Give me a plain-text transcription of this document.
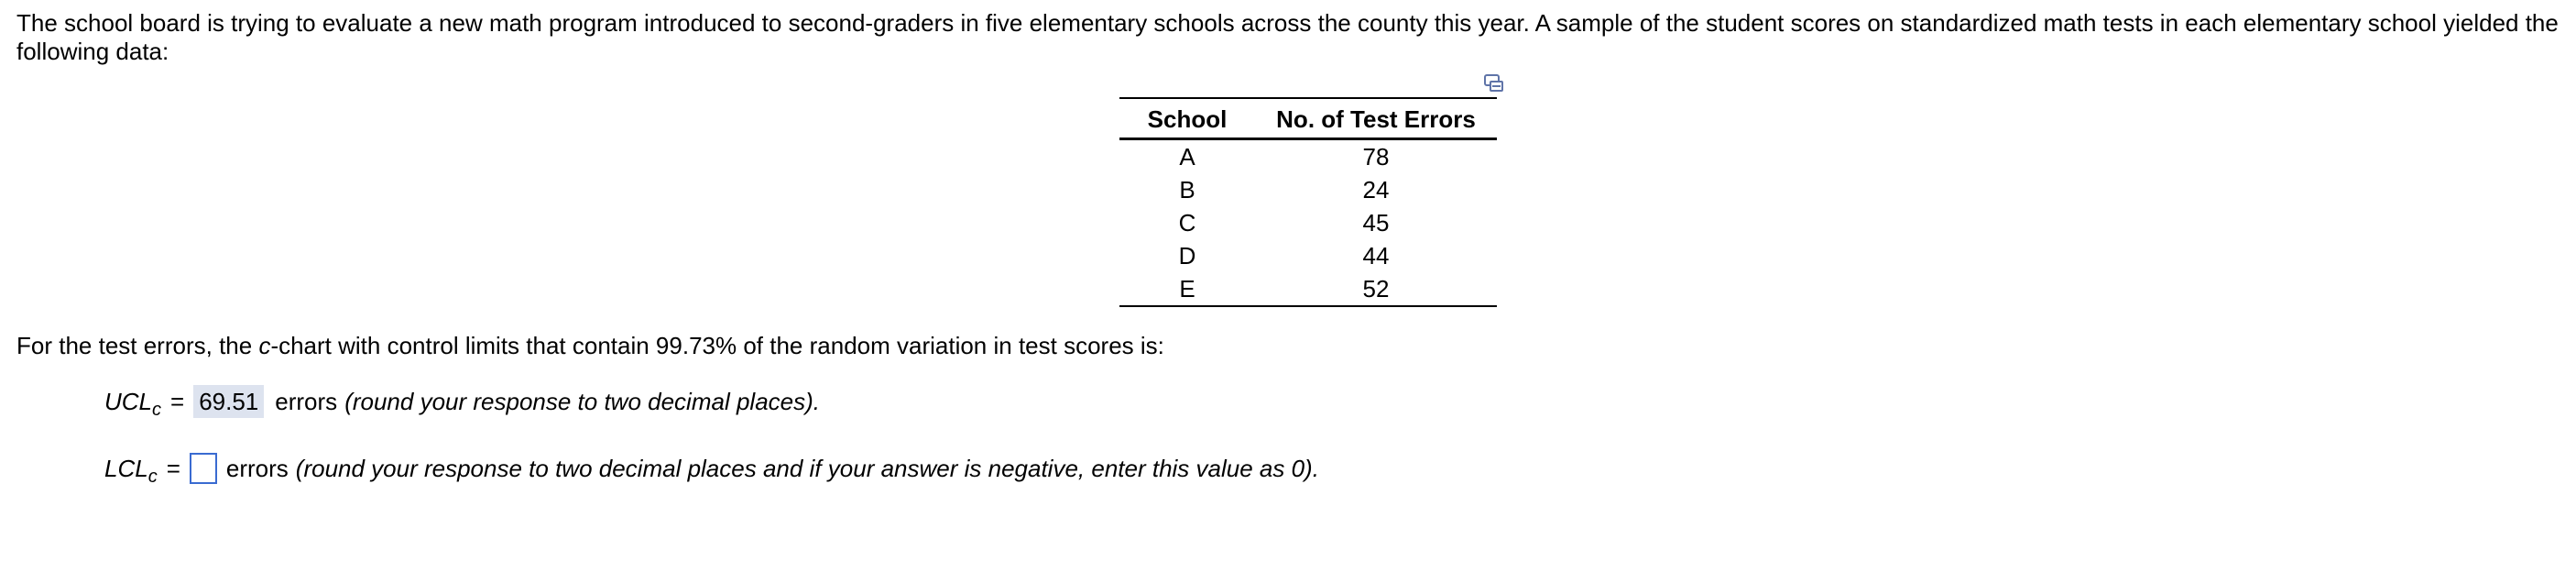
The school board is trying to evaluate a new math program introduced to second-graders in five elementary schools across the county this year. A sample of the student scores on standardized math tests in each elementary school yielded the following data:

School	No. of Test Errors
A	78
B	24
C	45
D	44
E	52

For the test errors, the c-chart with control limits that contain 99.73% of the random variation in test scores is:

$UCL_c = 69.51$ errors (round your response to two decimal places).
$LCL_c$ = errors (round your response to two decimal places and if your answer is negative, enter this value as 0).
